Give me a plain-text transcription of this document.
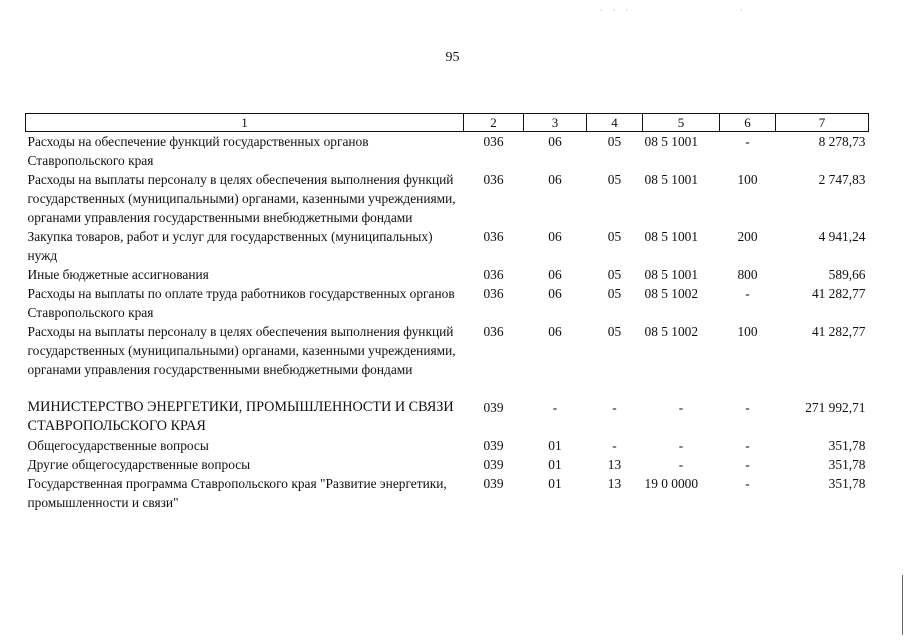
· · ·	·
95
1	2	3	4	5	6	7
Расходы на обеспечение функций государственных органов Ставропольского края	036	06	05	08 5 1001	-	8 278,73
Расходы на выплаты персоналу в целях обеспечения выполнения функций государственных (муниципальными) органами, казенными учреждениями, органами управления государственными внебюджетными фондами	036	06	05	08 5 1001	100	2 747,83
Закупка товаров, работ и услуг для государственных (муниципальных) нужд	036	06	05	08 5 1001	200	4 941,24
Иные бюджетные ассигнования	036	06	05	08 5 1001	800	589,66
Расходы на выплаты по оплате труда работников государственных органов Ставропольского края	036	06	05	08 5 1002	-	41 282,77
Расходы на выплаты персоналу в целях обеспечения выполнения функций государственных (муниципальными) органами, казенными учреждениями, органами управления государственными внебюджетными фондами	036	06	05	08 5 1002	100	41 282,77
МИНИСТЕРСТВО ЭНЕРГЕТИКИ, ПРОМЫШЛЕННОСТИ И СВЯЗИ СТАВРОПОЛЬСКОГО КРАЯ	039	-	-	-	-	271 992,71
Общегосударственные вопросы	039	01	-	-	-	351,78
Другие общегосударственные вопросы	039	01	13	-	-	351,78
Государственная программа Ставропольского края "Развитие энергетики, промышленности и связи"	039	01	13	19 0 0000	-	351,78
